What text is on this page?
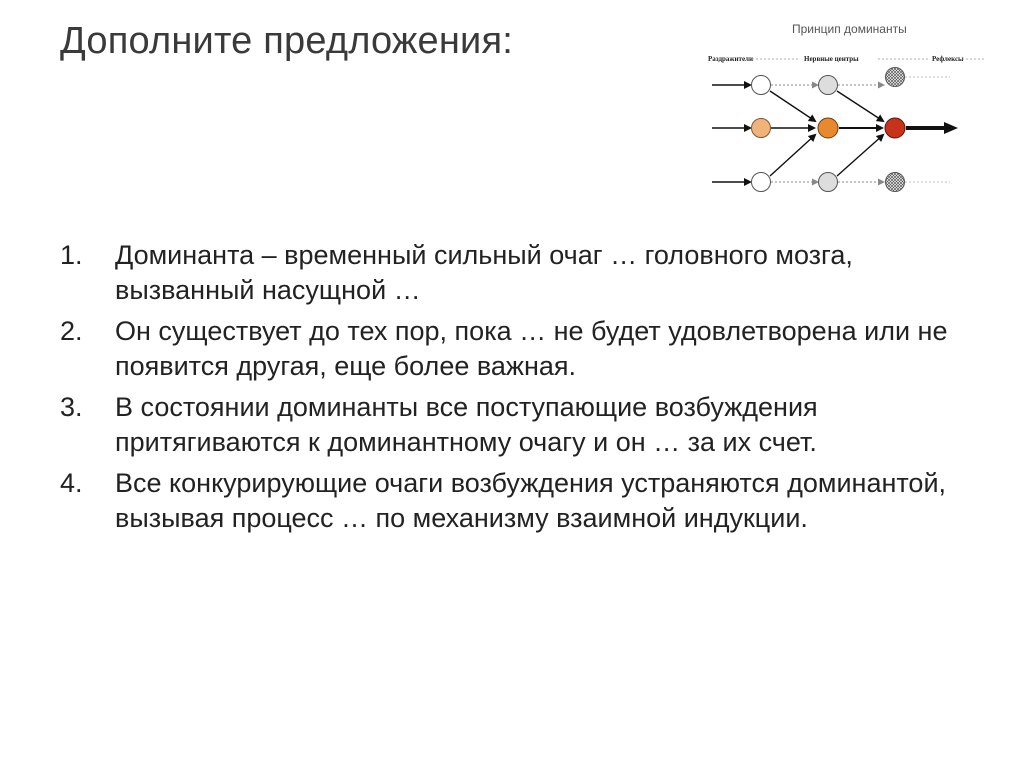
Дополните предложения:	Принцип доминанты
Раздражители	Нервные центры	Рефлексы
1. Доминанта – временный сильный очаг … головного мозга, вызванный насущной …
2. Он существует до тех пор, пока … не будет удовлетворена или не появится другая, еще более важная.
3. В состоянии доминанты все поступающие возбуждения притягиваются к доминантному очагу и он … за их счет.
4. Все конкурирующие очаги возбуждения устраняются доминантой, вызывая процесс … по механизму взаимной индукции.
